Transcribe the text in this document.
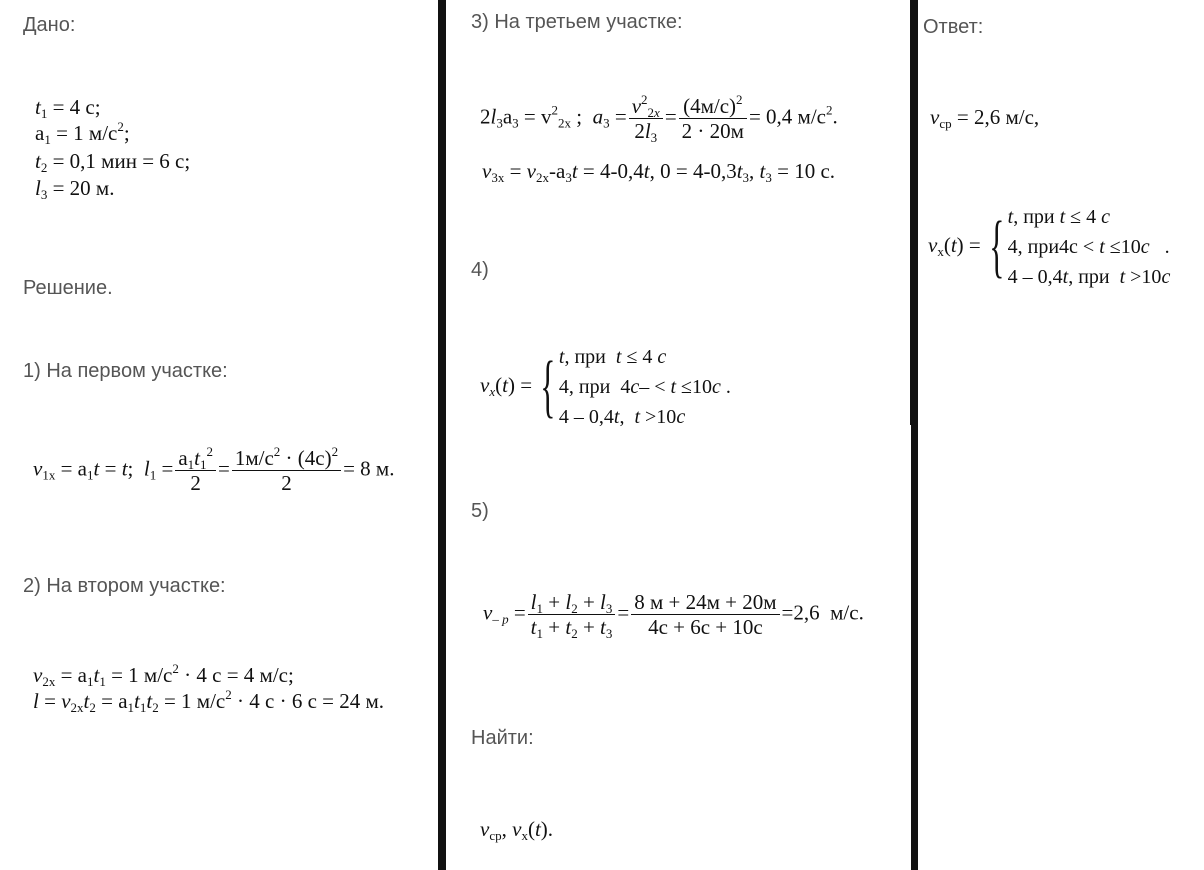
Дано:
$t_1 = 4$ с;
$a_1 = 1$ $м/с^2$;
$t_2 = 0,1$ мин = 6 с;
$l_3 = 20$ м.
Решение.
1) На первом участке:
$v_{1x} = a_1t = t$;  $l_1 = \frac{a_1t_1^2}{2} = \frac{1м/с^2 \cdot (4с)^2}{2} = 8$ м.
2) На втором участке:
$v_{2x} = a_1t_1 = 1$ $м/с^2 \cdot 4$ с = 4 м/с;
$l = v_{2x}t_2 = a_1t_1t_2 = 1$ $м/с^2 \cdot 4$ с · 6 с = 24 м.
3) На третьем участке:
$2l_3a_3 = v^2_{2x}$ ;  $a_3 = \frac{v^2_{2x}}{2l_3} = \frac{(4м/с)^2}{2 \cdot 20м} = 0,4$ $м/с^2$.
$v_{3x} = v_{2x}-a_3t = 4-0,4t$, $0 = 4-0,3t_3$, $t_3 = 10$ с.
4)
$v_x(t)$ = { t, при  t ≤ 4 c
4, при  4c– < t ≤10c .
4 – 0,4t,  t >10c
5)
$v_{- p} = \frac{l_1 + l_2 + l_3}{t_1 + t_2 + t_3} = \frac{8 м + 24м + 20м}{4с + 6с + 10с} =2,6$  м/с.
Найти:
$v_{ср}$, $v_x(t)$.
Ответ:
$v_{ср} = 2,6$ м/с,
$v_x(t)$ = { t, при t ≤ 4 c
4, при4с < t ≤10c   .
4 – 0,4t, при  t >10c
